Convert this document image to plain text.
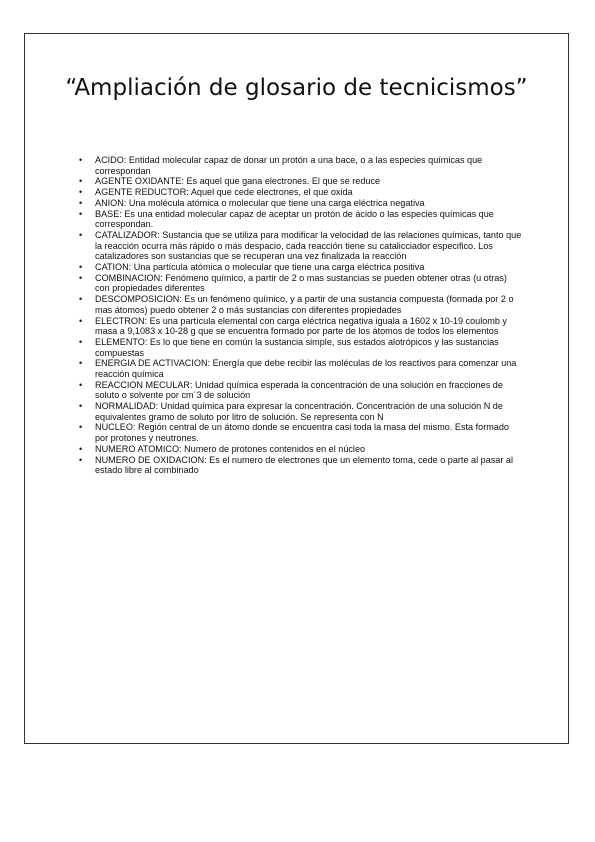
“Ampliación de glosario de tecnicismos”
• ACIDO: Entidad molecular capaz de donar un protón a una bace, o a las especies químicas que correspondan
• AGENTE OXIDANTE: Es aquel que gana electrones. El que se reduce
• AGENTE REDUCTOR: Aquel que cede electrones, el que oxida
• ANION: Una molécula atómica o molecular que tiene una carga eléctrica negativa
• BASE: Es una entidad molecular capaz de aceptar un protón de ácido o las especies químicas que correspondan.
• CATALIZADOR: Sustancia que se utiliza para modificar la velocidad de las relaciones químicas, tanto que la reacción ocurra más rápido o más despacio, cada reacción tiene su catalicciador especifico. Los catalizadores son sustancias que se recuperan una vez finalizada la reacción
• CATION: Una partícula atómica o molecular que tiene una carga eléctrica positiva
• COMBINACION: Fenómeno químico, a partir de 2 o mas sustancias se pueden obtener otras (u otras) con propiedades diferentes
• DESCOMPOSICION: Es un fenómeno químico, y a partir de una sustancia compuesta (formada por 2 o mas átomos) puedo obtener 2 o más sustancias con diferentes propiedades
• ELECTRON: Es una partícula elemental con carga eléctrica negativa iguala a 1602 x 10-19 coulomb y masa a 9,1083 x 10-28 g que se encuentra formado por parte de los átomos de todos los elementos
• ELEMENTO: Es lo que tiene en común la sustancia simple, sus estados alotrópicos y las sustancias compuestas
• ENERGIA DE ACTIVACION: Energía que debe recibir las moléculas de los reactivos para comenzar una reacción química
• REACCION MECULAR: Unidad química esperada la concentración de una solución en fracciones de soluto o solvente por cm¨3 de solución
• NORMALIDAD: Unidad química para expresar la concentración. Concentración de una solución N de equivalentes gramo de soluto por litro de solución. Se representa con N
• NUCLEO: Región central de un átomo donde se encuentra casi toda la masa del mismo. Esta formado por protones y neutrones.
• NUMERO ATOMICO: Numero de protones contenidos en el núcleo
• NUMERO DE OXIDACION: Es el numero de electrones que un elemento toma, cede o parte al pasar al estado libre al combinado
